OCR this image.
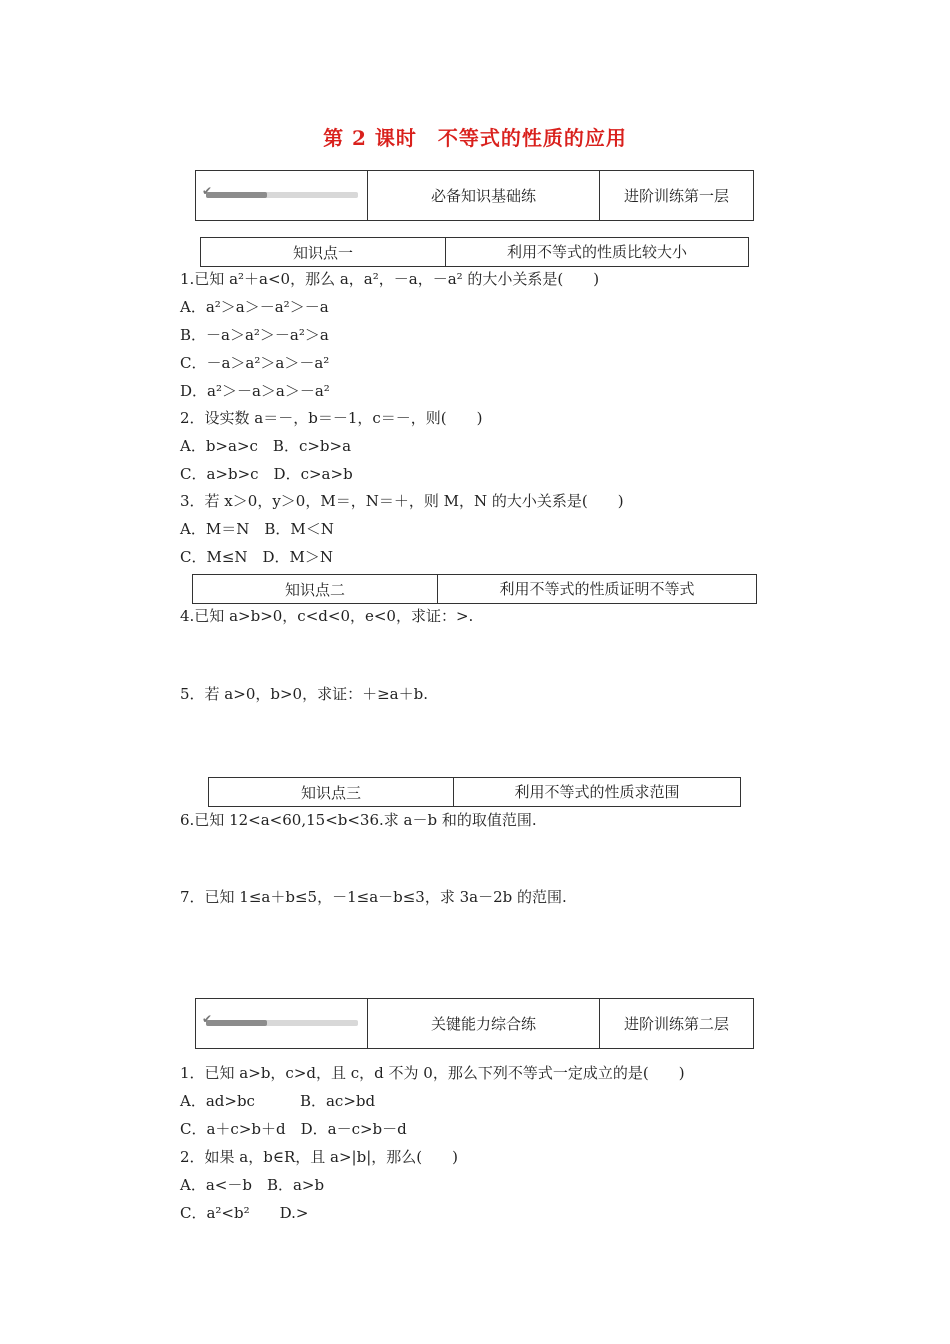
第 2 课时　不等式的性质的应用
✔	必备知识基础练	进阶训练第一层
知识点一	利用不等式的性质比较大小
1.已知 a²＋a<0，那么 a，a²，－a，－a² 的大小关系是(　　)
A．a²＞a＞－a²＞－a
B．－a＞a²＞－a²＞a
C．－a＞a²＞a＞－a²
D．a²＞－a＞a＞－a²
2．设实数 a＝－，b＝－1，c＝－，则(　　)
A．b>a>c　B．c>b>a
C．a>b>c　D．c>a>b
3．若 x＞0，y＞0，M＝，N＝＋，则 M，N 的大小关系是(　　)
A．M＝N　B．M＜N
C．M≤N　D．M＞N
知识点二	利用不等式的性质证明不等式
4.已知 a>b>0，c<d<0，e<0，求证：>.
5．若 a>0，b>0，求证：＋≥a＋b.
知识点三	利用不等式的性质求范围
6.已知 12<a<60,15<b<36.求 a－b 和的取值范围.
7．已知 1≤a＋b≤5，－1≤a－b≤3，求 3a－2b 的范围.
✔	关键能力综合练	进阶训练第二层
1．已知 a>b，c>d，且 c，d 不为 0，那么下列不等式一定成立的是(　　)
A．ad>bc　　　B．ac>bd
C．a＋c>b＋d　D．a－c>b－d
2．如果 a，b∈R，且 a>|b|，那么(　　)
A．a<－b　B．a>b
C．a²<b²　　D.>
